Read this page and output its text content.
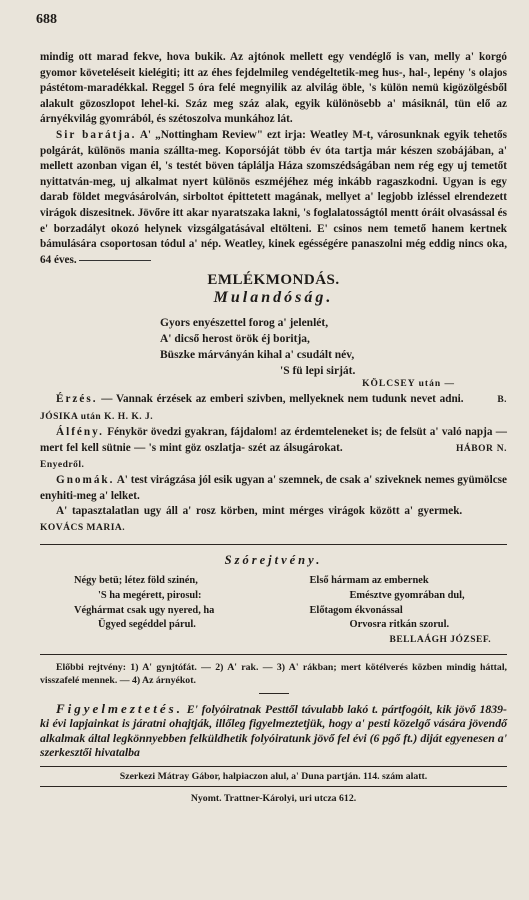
688

mindig ott marad fekve, hova bukik. Az ajtónok mellett egy vendéglő is van, melly a' korgó gyomor követeléseit kielégiti; itt az éhes fejdelmileg vendégeltetik-meg hus-, hal-, lepény 's olajos pástétom-maradékkal. Reggel 5 óra felé megnyilik az alvilág öble, 's külön nemü kigözölgésből alakult gözoszlopot lehel-ki. Száz meg száz alak, egyik különösebb a' másiknál, tün elő az árnyékvilág gyomrából, és szétoszolva munkához lát.

Sir barátja. A' „Nottingham Review" ezt irja: Weatley M-t, városunknak egyik tehetős polgárát, különös mania szállta-meg. Koporsóját több év óta tartja már készen szobájában, a' mellett azonban vigan él, 's testét böven táplálja Háza szomszédságában nem rég egy uj temetőt nyittatván-meg, uj alkalmat nyert különös eszméjéhez még inkább ragaszkodni. Ugyan is egy darab földet megvásárolván, sirboltot épittetett magának, mellyet a' legjobb izléssel elrendezett virágok diszesitnek. Jövőre itt akar nyaratszaka lakni, 's foglalatosságtól mentt óráit olvasással és e' borzadályt okozó helynek vizsgálgatásával eltölteni. E' csinos nem temető hanem kertnek bámulására csoportosan tódul a' nép. Weatley, kinek egésségére panaszolni még eddig nincs oka, 64 éves.

EMLÉKMONDÁS.
Mulandóság.
Gyors enyészettel forog a' jelenlét,
A' dicső herost örök éj boritja,
Büszke márványán kihal a' csudált név,
'S fü lepi sirját.
KÖLCSEY után —

Érzés. — Vannak érzések az emberi szivben, mellyeknek nem tudunk nevet adni.	B. JÓSIKA után K. H. K. J.

Álfény. Fénykör övedzi gyakran, fájdalom! az érdemteleneket is; de felsüt a' való napja — mert fel kell sütnie — 's mint göz oszlatja- szét az álsugárokat.	HÁBOR N. Enyedről.

Gnomák. A' test virágzása jól esik ugyan a' szemnek, de csak a' sziveknek nemes gyümölcse enyhiti-meg a' lelket.

A' tapasztalatlan ugy áll a' rosz körben, mint mérges virágok között a' gyermek. KOVÁCS MARIA.

Szórejtvény.
Négy betü; létez föld szinén,
'S ha megérett, pirosul:
Véghármat csak ugy nyered, ha
Ügyed segéddel párul.
Első hármam az embernek
Emésztve gyomrában dul,
Előtagom ékvonással
Orvosra ritkán szorul.
BELLAÁGH JÓZSEF.

Előbbi rejtvény: 1) A' gynjtófát. — 2) A' rak. — 3) A' rákban; mert kötélverés közben mindig háttal, visszafelé mennek. — 4) Az árnyékot.

Figyelmeztetés. E' folyóiratnak Pesttől távulabb lakó t. pártfogóit, kik jövő 1839-ki évi lapjainkat is járatni ohajtják, illőleg figyelmeztetjük, hogy a' pesti közelgő vására jövendő alkalmak által legkönnyebben felküldhetik folyóiratunk jövő fel évi (6 pgő ft.) diját egyenesen a' szerkesztői hivatalba

Szerkezi Mátray Gábor, halpiaczon alul, a' Duna partján. 114. szám alatt.
Nyomt. Trattner-Károlyi, uri utcza 612.
